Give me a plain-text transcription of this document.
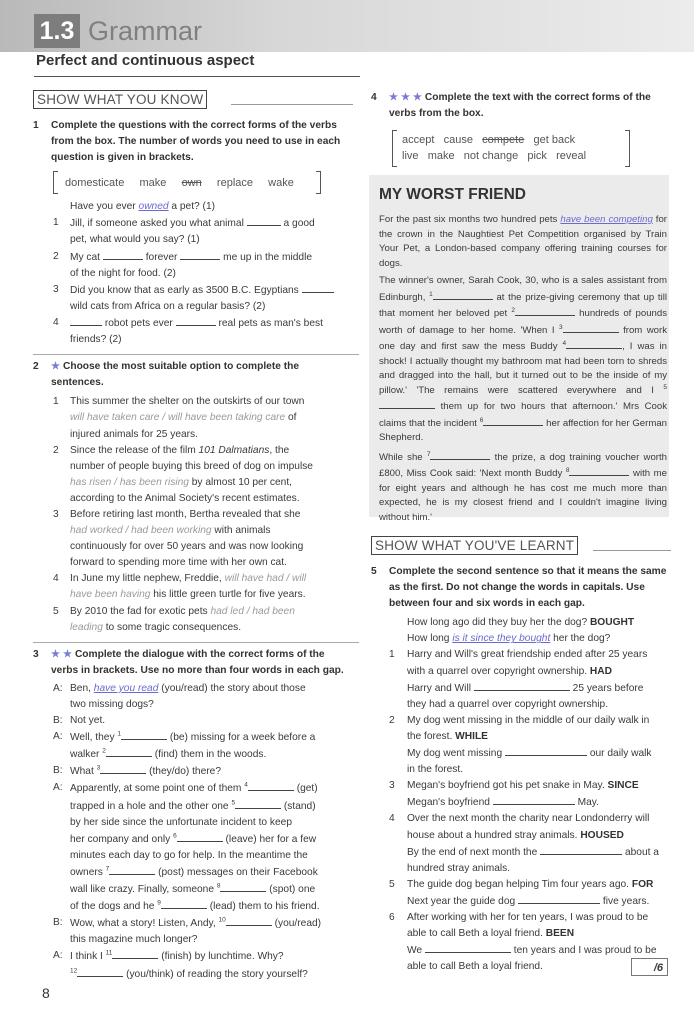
1.3 Grammar
Perfect and continuous aspect
SHOW WHAT YOU KNOW
1 Complete the questions with the correct forms of the verbs from the box. The number of words you need to use in each question is given in brackets.
domesticate make own replace wake
Have you ever owned a pet? (1)
1 Jill, if someone asked you what animal	a good
pet, what would you say? (1)
2 My cat	forever	me up in the middle
of the night for food. (2)
3 Did you know that as early as 3500 B.C. Egyptians
wild cats from Africa on a regular basis? (2)
4	robot pets ever	real pets as man's best
friends? (2)
2 ★ Choose the most suitable option to complete the sentences.
1 This summer the shelter on the outskirts of our town
will have taken care / will have been taking care of
injured animals for 25 years.
2 Since the release of the film 101 Dalmatians, the
number of people buying this breed of dog on impulse
has risen / has been rising by almost 10 per cent,
according to the Animal Society's recent estimates.
3 Before retiring last month, Bertha revealed that she
had worked / had been working with animals
continuously for over 50 years and was now looking
forward to spending more time with her own cat.
4 In June my little nephew, Freddie, will have had / will
have been having his little green turtle for five years.
5 By 2010 the fad for exotic pets had led / had been
leading to some tragic consequences.
3 ★ ★ Complete the dialogue with the correct forms of the verbs in brackets. Use no more than four words in each gap.
A: Ben, have you read (you/read) the story about those
two missing dogs?
B: Not yet.
A: Well, they $^1$	(be) missing for a week before a
walker $^2$	(find) them in the woods.
B: What $^3$	(they/do) there?
A: Apparently, at some point one of them $^4$	(get)
trapped in a hole and the other one $^5$	(stand)
by her side since the unfortunate incident to keep
her company and only $^6$	(leave) her for a few
minutes each day to go for help. In the meantime the
owners $^7$	(post) messages on their Facebook
wall like crazy. Finally, someone $^8$	(spot) one
of the dogs and he $^9$	(lead) them to his friend.
B: Wow, what a story! Listen, Andy, $^{10}$	(you/read)
this magazine much longer?
A: I think I $^{11}$	(finish) by lunchtime. Why?
$^{12}$	(you/think) of reading the story yourself?
8
4 ★ ★ ★ Complete the text with the correct forms of the verbs from the box.
accept cause compete get back
live make not change pick reveal
MY WORST FRIEND

For the past six months two hundred pets have been competing for the crown in the Naughtiest Pet Competition organised by Train Your Pet, a London-based company offering training courses for dogs.

The winner's owner, Sarah Cook, 30, who is a sales assistant from Edinburgh, $^1$	at the prize-giving ceremony that up till that moment her beloved pet $^2$	hundreds of pounds worth of damage to her home. 'When I $^3$	from work one day and first saw the mess Buddy $^4$	, I was in shock! I actually thought my bathroom mat had been torn to shreds and dragged into the hall, but it turned out to be the inside of my pillow.' 'The remains were scattered everywhere and I $^5$ them up for two hours that afternoon.' Mrs Cook claims that the incident $^6$	her affection for her German Shepherd.

While she $^7$	the prize, a dog training voucher worth £800, Miss Cook said: 'Next month Buddy $^8$	with me for eight years and although he has cost me much more than expected, he is my closest friend and I couldn't imagine living without him.'

SHOW WHAT YOU'VE LEARNT
5 Complete the second sentence so that it means the same as the first. Do not change the words in capitals. Use between four and six words in each gap.
How long ago did they buy her the dog? BOUGHT
How long is it since they bought her the dog?
1 Harry and Will's great friendship ended after 25 years
with a quarrel over copyright ownership. HAD
Harry and Will	25 years before
they had a quarrel over copyright ownership.
2 My dog went missing in the middle of our daily walk in
the forest. WHILE
My dog went missing	our daily walk
in the forest.
3 Megan's boyfriend got his pet snake in May. SINCE
Megan's boyfriend	May.
4 Over the next month the charity near Londonderry will
house about a hundred stray animals. HOUSED
By the end of next month the	about a
hundred stray animals.
5 The guide dog began helping Tim four years ago. FOR
Next year the guide dog	five years.
6 After working with her for ten years, I was proud to be
able to call Beth a loyal friend. BEEN
We	ten years and I was proud to be
able to call Beth a loyal friend.	/6
